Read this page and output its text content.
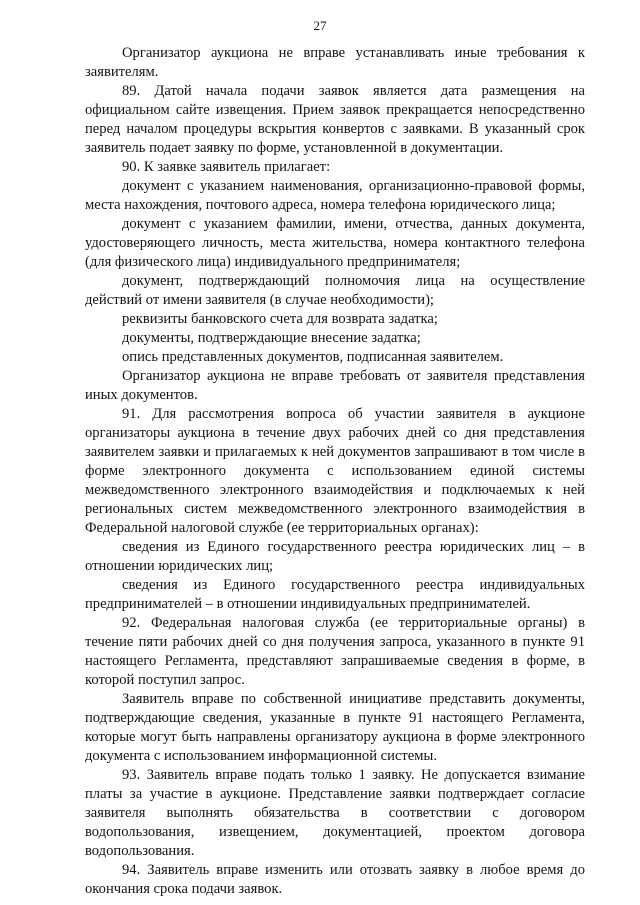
27

Организатор аукциона не вправе устанавливать иные требования к заявителям.

89. Датой начала подачи заявок является дата размещения на официальном сайте извещения. Прием заявок прекращается непосредственно перед началом процедуры вскрытия конвертов с заявками. В указанный срок заявитель подает заявку по форме, установленной в документации.

90. К заявке заявитель прилагает:

документ с указанием наименования, организационно-правовой формы, места нахождения, почтового адреса, номера телефона юридического лица;

документ с указанием фамилии, имени, отчества, данных документа, удостоверяющего личность, места жительства, номера контактного телефона (для физического лица) индивидуального предпринимателя;

документ, подтверждающий полномочия лица на осуществление действий от имени заявителя (в случае необходимости);

реквизиты банковского счета для возврата задатка;

документы, подтверждающие внесение задатка;

опись представленных документов, подписанная заявителем.

Организатор аукциона не вправе требовать от заявителя представления иных документов.

91. Для рассмотрения вопроса об участии заявителя в аукционе организаторы аукциона в течение двух рабочих дней со дня представления заявителем заявки и прилагаемых к ней документов запрашивают в том числе в форме электронного документа с использованием единой системы межведомственного электронного взаимодействия и подключаемых к ней региональных систем межведомственного электронного взаимодействия в Федеральной налоговой службе (ее территориальных органах):

сведения из Единого государственного реестра юридических лиц – в отношении юридических лиц;

сведения из Единого государственного реестра индивидуальных предпринимателей – в отношении индивидуальных предпринимателей.

92. Федеральная налоговая служба (ее территориальные органы) в течение пяти рабочих дней со дня получения запроса, указанного в пункте 91 настоящего Регламента, представляют запрашиваемые сведения в форме, в которой поступил запрос.

Заявитель вправе по собственной инициативе представить документы, подтверждающие сведения, указанные в пункте 91 настоящего Регламента, которые могут быть направлены организатору аукциона в форме электронного документа с использованием информационной системы.

93. Заявитель вправе подать только 1 заявку. Не допускается взимание платы за участие в аукционе. Представление заявки подтверждает согласие заявителя выполнять обязательства в соответствии с договором водопользования, извещением, документацией, проектом договора водопользования.

94. Заявитель вправе изменить или отозвать заявку в любое время до окончания срока подачи заявок.
